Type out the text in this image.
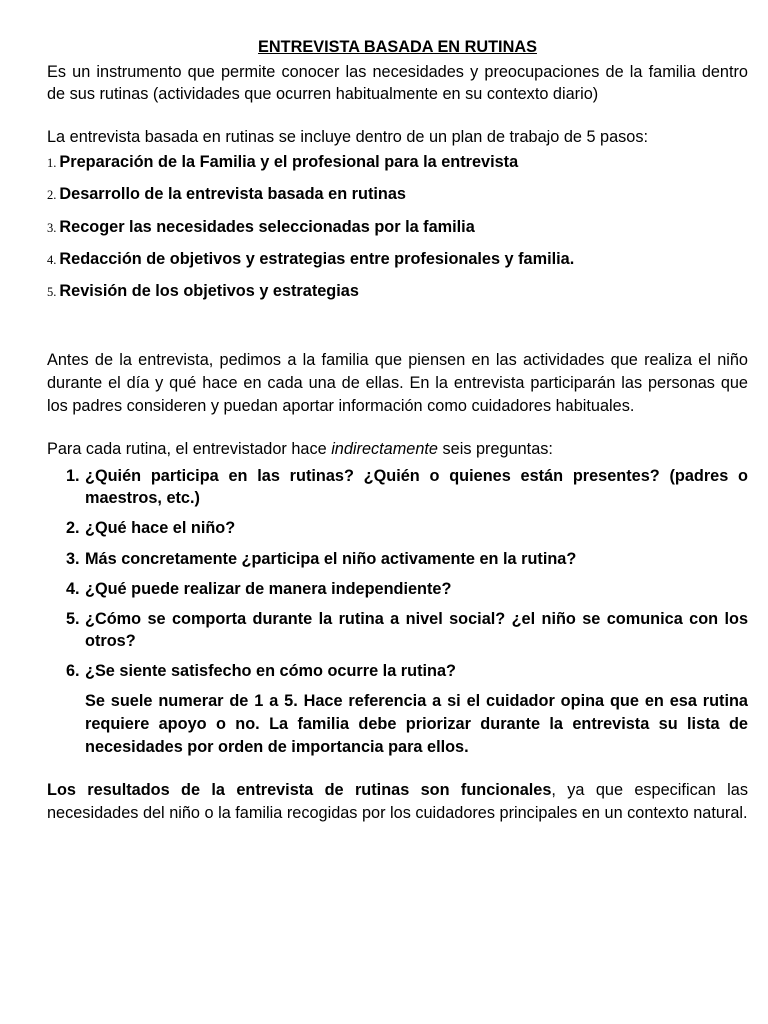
ENTREVISTA BASADA EN RUTINAS

Es un instrumento que permite conocer las necesidades y preocupaciones de la familia dentro de sus rutinas (actividades que ocurren habitualmente en su contexto diario)

La entrevista basada en rutinas se incluye dentro de un plan de trabajo de 5 pasos:

1. Preparación de la Familia y el profesional para la entrevista
2. Desarrollo de la entrevista basada en rutinas
3. Recoger las necesidades seleccionadas por la familia
4. Redacción de objetivos y estrategias entre profesionales y familia.
5. Revisión de los objetivos y estrategias

Antes de la entrevista, pedimos a la familia que piensen en las actividades que realiza el niño durante el día y qué hace en cada una de ellas. En la entrevista participarán las personas que los padres consideren y puedan aportar información como cuidadores habituales.

Para cada rutina, el entrevistador hace indirectamente seis preguntas:

1. ¿Quién participa en las rutinas? ¿Quién o quienes están presentes? (padres o maestros, etc.)
2. ¿Qué hace el niño?
3. Más concretamente ¿participa el niño activamente en la rutina?
4. ¿Qué puede realizar de manera independiente?
5. ¿Cómo se comporta durante la rutina a nivel social? ¿el niño se comunica con los otros?
6. ¿Se siente satisfecho en cómo ocurre la rutina?

Se suele numerar de 1 a 5. Hace referencia a si el cuidador opina que en esa rutina requiere apoyo o no. La familia debe priorizar durante la entrevista su lista de necesidades por orden de importancia para ellos.

Los resultados de la entrevista de rutinas son funcionales, ya que especifican las necesidades del niño o la familia recogidas por los cuidadores principales en un contexto natural.
